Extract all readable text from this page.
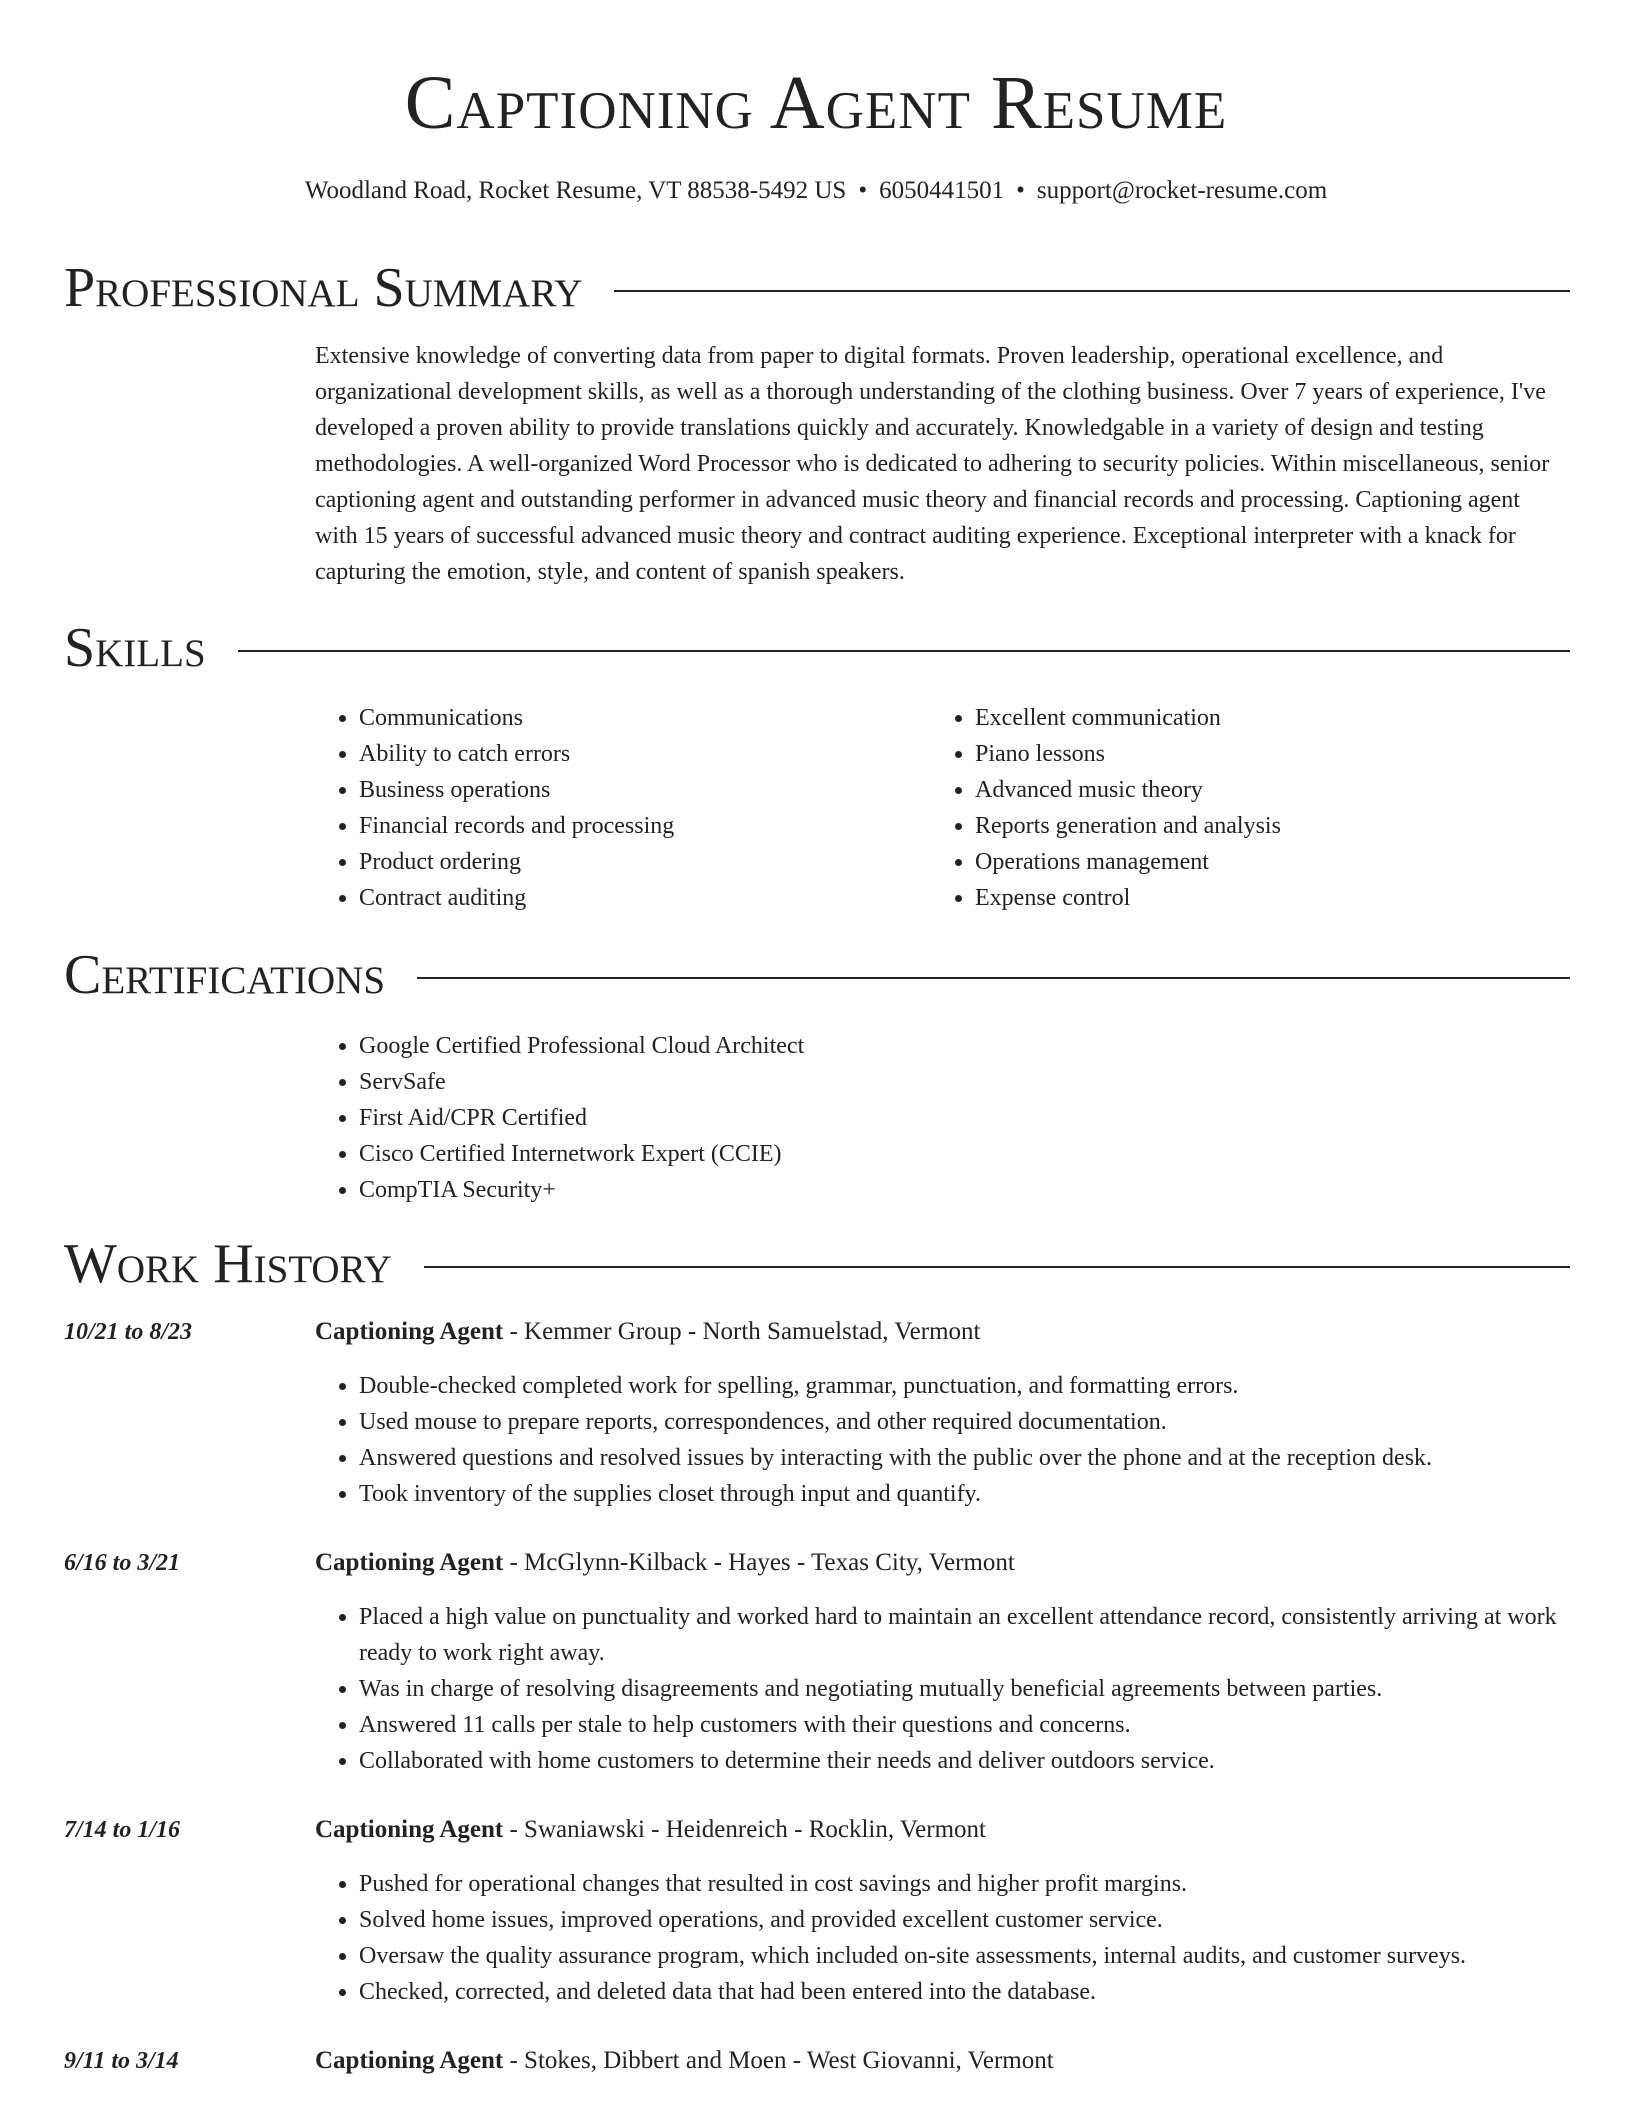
Captioning Agent Resume
Woodland Road, Rocket Resume, VT 88538-5492 US • 6050441501 • support@rocket-resume.com
Professional Summary

Extensive knowledge of converting data from paper to digital formats. Proven leadership, operational excellence, and organizational development skills, as well as a thorough understanding of the clothing business. Over 7 years of experience, I've developed a proven ability to provide translations quickly and accurately. Knowledgable in a variety of design and testing methodologies. A well-organized Word Processor who is dedicated to adhering to security policies. Within miscellaneous, senior captioning agent and outstanding performer in advanced music theory and financial records and processing. Captioning agent with 15 years of successful advanced music theory and contract auditing experience. Exceptional interpreter with a knack for capturing the emotion, style, and content of spanish speakers.

Skills
• Communications
• Ability to catch errors
• Business operations
• Financial records and processing
• Product ordering
• Contract auditing
• Excellent communication
• Piano lessons
• Advanced music theory
• Reports generation and analysis
• Operations management
• Expense control
Certifications
• Google Certified Professional Cloud Architect
• ServSafe
• First Aid/CPR Certified
• Cisco Certified Internetwork Expert (CCIE)
• CompTIA Security+
Work History
10/21 to 8/23	Captioning Agent - Kemmer Group - North Samuelstad, Vermont
• Double-checked completed work for spelling, grammar, punctuation, and formatting errors.
• Used mouse to prepare reports, correspondences, and other required documentation.
• Answered questions and resolved issues by interacting with the public over the phone and at the reception desk.
• Took inventory of the supplies closet through input and quantify.
6/16 to 3/21	Captioning Agent - McGlynn-Kilback - Hayes - Texas City, Vermont
• Placed a high value on punctuality and worked hard to maintain an excellent attendance record, consistently arriving at work ready to work right away.
• Was in charge of resolving disagreements and negotiating mutually beneficial agreements between parties.
• Answered 11 calls per stale to help customers with their questions and concerns.
• Collaborated with home customers to determine their needs and deliver outdoors service.
7/14 to 1/16	Captioning Agent - Swaniawski - Heidenreich - Rocklin, Vermont
• Pushed for operational changes that resulted in cost savings and higher profit margins.
• Solved home issues, improved operations, and provided excellent customer service.
• Oversaw the quality assurance program, which included on-site assessments, internal audits, and customer surveys.
• Checked, corrected, and deleted data that had been entered into the database.
9/11 to 3/14	Captioning Agent - Stokes, Dibbert and Moen - West Giovanni, Vermont
